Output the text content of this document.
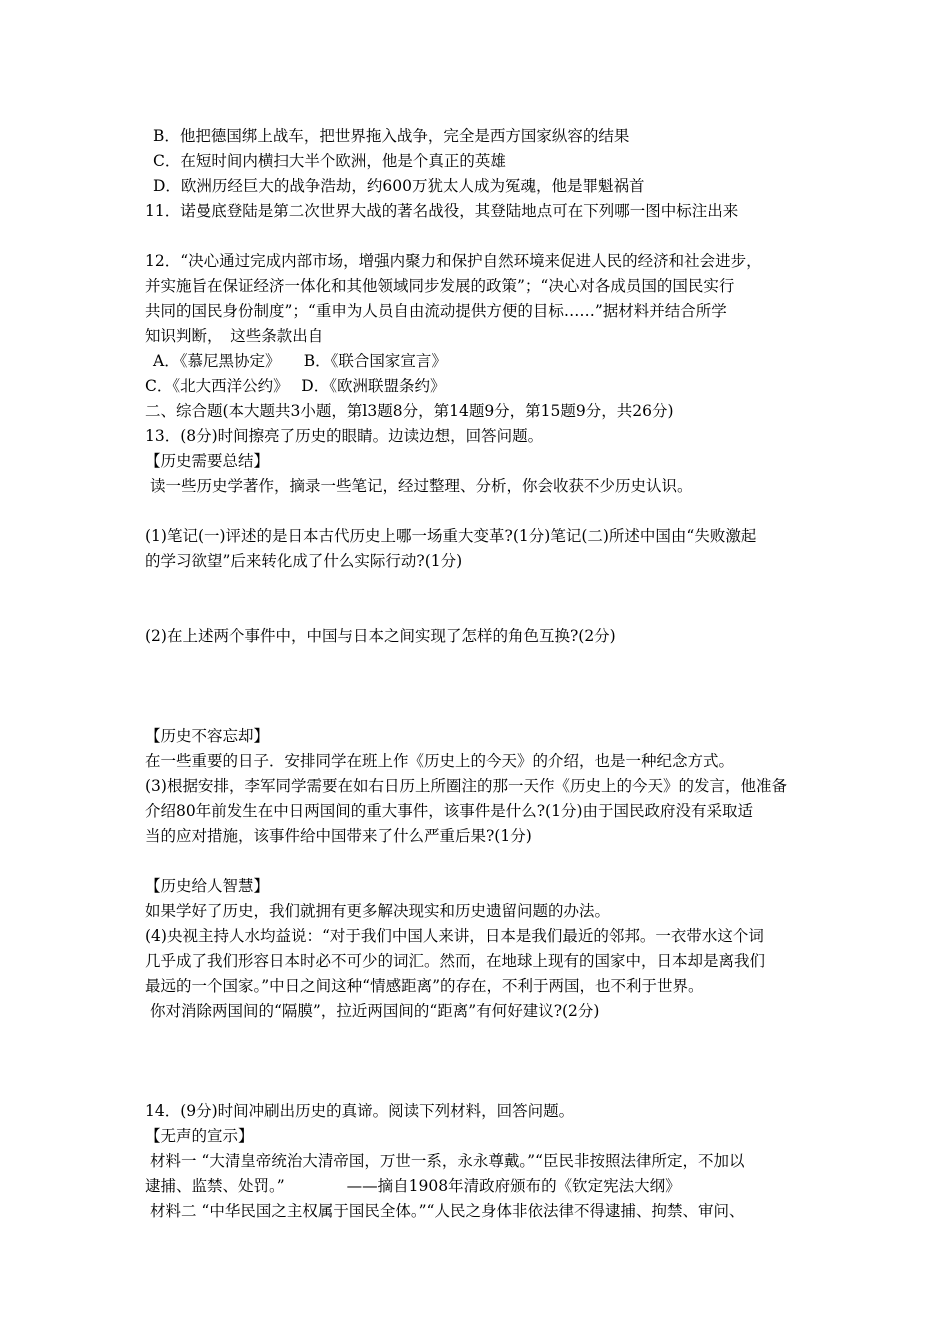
B．他把德国绑上战车，把世界拖入战争，完全是西方国家纵容的结果
C．在短时间内横扫大半个欧洲，他是个真正的英雄
D．欧洲历经巨大的战争浩劫，约600万犹太人成为冤魂，他是罪魁祸首
11．诺曼底登陆是第二次世界大战的著名战役，其登陆地点可在下列哪一图中标注出来
12．“决心通过完成内部市场，增强内聚力和保护自然环境来促进人民的经济和社会进步，
并实施旨在保证经济一体化和其他领域同步发展的政策”；“决心对各成员国的国民实行
共同的国民身份制度”；“重申为人员自由流动提供方便的目标……”据材料并结合所学
知识判断，　这些条款出自
A．《慕尼黑协定》　　B．《联合国家宣言》
C．《北大西洋公约》　 D．《欧洲联盟条约》
二、综合题(本大题共3小题，第l3题8分，第14题9分，第15题9分，共26分)
13．(8分)时间擦亮了历史的眼睛。边读边想，回答问题。
【历史需要总结】
读一些历史学著作，摘录一些笔记，经过整理、分析，你会收获不少历史认识。
(1)笔记(一)评述的是日本古代历史上哪一场重大变革?(1分)笔记(二)所述中国由“失败激起
的学习欲望”后来转化成了什么实际行动?(1分)
(2)在上述两个事件中，中国与日本之间实现了怎样的角色互换?(2分)
【历史不容忘却】
在一些重要的日子．安排同学在班上作《历史上的今天》的介绍，也是一种纪念方式。
(3)根据安排，李军同学需要在如右日历上所圈注的那一天作《历史上的今天》的发言，他准备
介绍80年前发生在中日两国间的重大事件，该事件是什么?(1分)由于国民政府没有采取适
当的应对措施，该事件给中国带来了什么严重后果?(1分)
【历史给人智慧】
如果学好了历史，我们就拥有更多解决现实和历史遗留问题的办法。
(4)央视主持人水均益说：“对于我们中国人来讲，日本是我们最近的邻邦。一衣带水这个词
几乎成了我们形容日本时必不可少的词汇。然而，在地球上现有的国家中，日本却是离我们
最远的一个国家。”中日之间这种“情感距离”的存在，不利于两国，也不利于世界。
你对消除两国间的“隔膜”，拉近两国间的“距离”有何好建议?(2分)
14．(9分)时间冲刷出历史的真谛。阅读下列材料，回答问题。
【无声的宣示】
材料一 “大清皇帝统治大清帝国，万世一系，永永尊戴。”“臣民非按照法律所定，不加以
逮捕、监禁、处罚。”　　　　——摘自1908年清政府颁布的《钦定宪法大纲》
材料二 “中华民国之主权属于国民全体。”“人民之身体非依法律不得逮捕、拘禁、审问、
